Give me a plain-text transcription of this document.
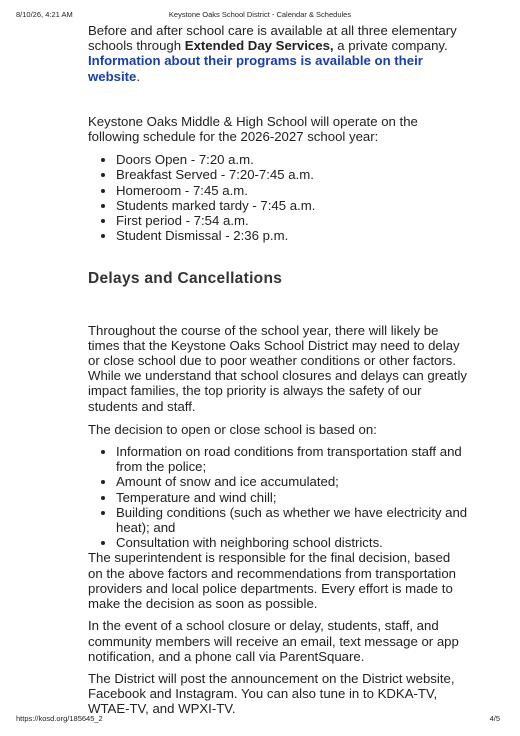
8/10/26, 4:21 AM	Keystone Oaks School District - Calendar & Schedules

Before and after school care is available at all three elementary schools through Extended Day Services, a private company. Information about their programs is available on their website.

Keystone Oaks Middle & High School will operate on the following schedule for the 2026-2027 school year:

• Doors Open - 7:20 a.m.
• Breakfast Served - 7:20-7:45 a.m.
• Homeroom - 7:45 a.m.
• Students marked tardy - 7:45 a.m.
• First period - 7:54 a.m.
• Student Dismissal - 2:36 p.m.
Delays and Cancellations

Throughout the course of the school year, there will likely be times that the Keystone Oaks School District may need to delay or close school due to poor weather conditions or other factors. While we understand that school closures and delays can greatly impact families, the top priority is always the safety of our students and staff.

The decision to open or close school is based on:

• Information on road conditions from transportation staff and from the police;
• Amount of snow and ice accumulated;
• Temperature and wind chill;
• Building conditions (such as whether we have electricity and heat); and
• Consultation with neighboring school districts.

The superintendent is responsible for the final decision, based on the above factors and recommendations from transportation providers and local police departments. Every effort is made to make the decision as soon as possible.

In the event of a school closure or delay, students, staff, and community members will receive an email, text message or app notification, and a phone call via ParentSquare.

The District will post the announcement on the District website, Facebook and Instagram. You can also tune in to KDKA-TV, WTAE-TV, and WPXI-TV.

https://kosd.org/185645_2	4/5
